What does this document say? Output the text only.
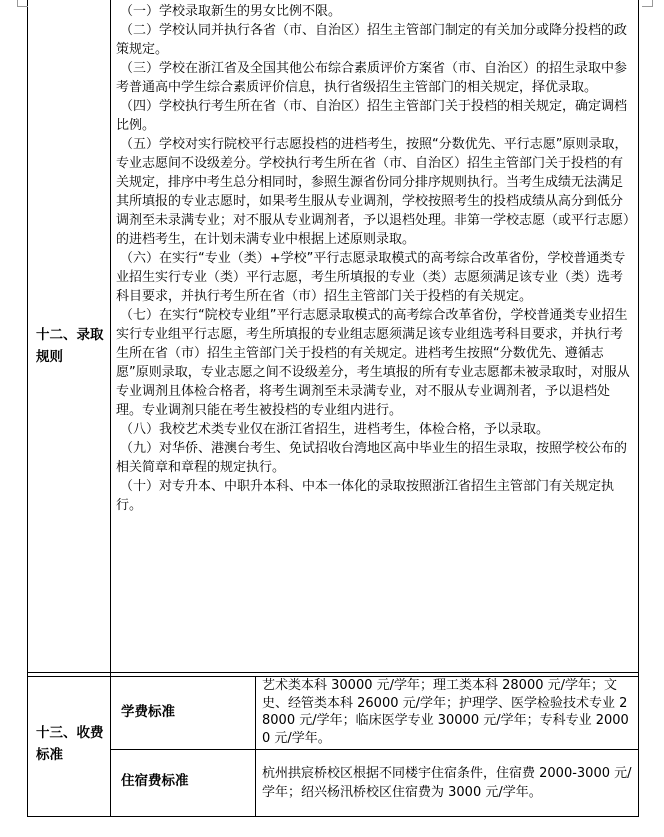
十二、录取
规则

（一）学校录取新生的男女比例不限。

（二）学校认同并执行各省（市、自治区）招生主管部门制定的有关加分或降分投档的政策规定。

（三）学校在浙江省及全国其他公布综合素质评价方案省（市、自治区）的招生录取中参考普通高中学生综合素质评价信息，执行省级招生主管部门的相关规定，择优录取。

（四）学校执行考生所在省（市、自治区）招生主管部门关于投档的相关规定，确定调档比例。

（五）学校对实行院校平行志愿投档的进档考生，按照“分数优先、平行志愿”原则录取，专业志愿间不设级差分。学校执行考生所在省（市、自治区）招生主管部门关于投档的有关规定，排序中考生总分相同时，参照生源省份同分排序规则执行。当考生成绩无法满足其所填报的专业志愿时，如果考生服从专业调剂，学校按照考生的投档成绩从高分到低分调剂至未录满专业；对不服从专业调剂者，予以退档处理。非第一学校志愿（或平行志愿）的进档考生，在计划未满专业中根据上述原则录取。

（六）在实行“专业（类）+学校”平行志愿录取模式的高考综合改革省份，学校普通类专业招生实行专业（类）平行志愿，考生所填报的专业（类）志愿须满足该专业（类）选考科目要求，并执行考生所在省（市）招生主管部门关于投档的有关规定。

（七）在实行“院校专业组”平行志愿录取模式的高考综合改革省份，学校普通类专业招生实行专业组平行志愿，考生所填报的专业组志愿须满足该专业组选考科目要求，并执行考生所在省（市）招生主管部门关于投档的有关规定。进档考生按照“分数优先、遵循志愿”原则录取，专业志愿之间不设级差分，考生填报的所有专业志愿都未被录取时，对服从专业调剂且体检合格者，将考生调剂至未录满专业，对不服从专业调剂者，予以退档处理。专业调剂只能在考生被投档的专业组内进行。

（八）我校艺术类专业仅在浙江省招生，进档考生，体检合格，予以录取。

（九）对华侨、港澳台考生、免试招收台湾地区高中毕业生的招生录取，按照学校公布的相关简章和章程的规定执行。

（十）对专升本、中职升本科、中本一体化的录取按照浙江省招生主管部门有关规定执行。

十三、收费
标准
学费标准
艺术类本科 30000 元/学年；理工类本科 28000 元/学年；文史、经管类本科 26000 元/学年；护理学、医学检验技术专业 28000 元/学年；临床医学专业 30000 元/学年；专科专业 20000 元/学年。
住宿费标准	杭州拱宸桥校区根据不同楼宇住宿条件，住宿费 2000-3000 元/学年；绍兴杨汛桥校区住宿费为 3000 元/学年。
